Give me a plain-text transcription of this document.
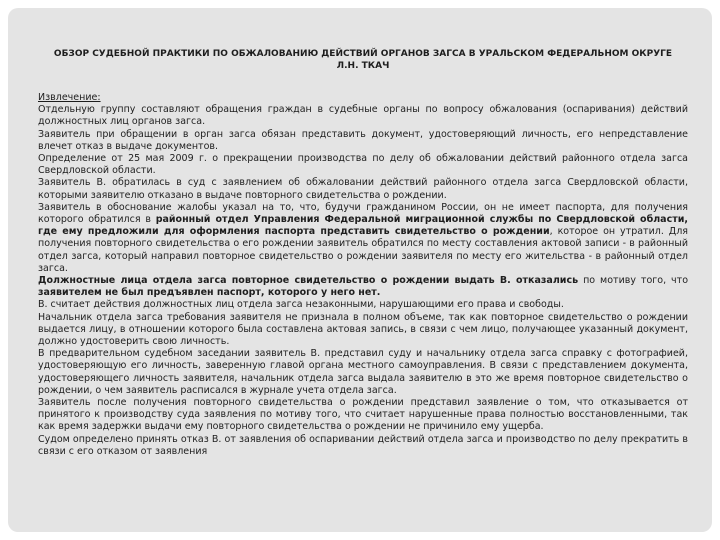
ОБЗОР СУДЕБНОЙ ПРАКТИКИ ПО ОБЖАЛОВАНИЮ ДЕЙСТВИЙ ОРГАНОВ ЗАГСА В УРАЛЬСКОМ ФЕДЕРАЛЬНОМ ОКРУГЕ
Л.Н. ТКАЧ

Извлечение:

Отдельную группу составляют обращения граждан в судебные органы по вопросу обжалования (оспаривания) действий должностных лиц органов загса.

Заявитель при обращении в орган загса обязан представить документ, удостоверяющий личность, его непредставление влечет отказ в выдаче документов.

Определение от 25 мая 2009 г. о прекращении производства по делу об обжаловании действий районного отдела загса Свердловской области.

Заявитель В. обратилась в суд с заявлением об обжаловании действий районного отдела загса Свердловской области, которыми заявителю отказано в выдаче повторного свидетельства о рождении.

Заявитель в обоснование жалобы указал на то, что, будучи гражданином России, он не имеет паспорта, для получения которого обратился в районный отдел Управления Федеральной миграционной службы по Свердловской области, где ему предложили для оформления паспорта представить свидетельство о рождении, которое он утратил. Для получения повторного свидетельства о его рождении заявитель обратился по месту составления актовой записи - в районный отдел загса, который направил повторное свидетельство о рождении заявителя по месту его жительства - в районный отдел загса.

Должностные лица отдела загса повторное свидетельство о рождении выдать В. отказались по мотиву того, что заявителем не был предъявлен паспорт, которого у него нет.

В. считает действия должностных лиц отдела загса незаконными, нарушающими его права и свободы.

Начальник отдела загса требования заявителя не признала в полном объеме, так как повторное свидетельство о рождении выдается лицу, в отношении которого была составлена актовая запись, в связи с чем лицо, получающее указанный документ, должно удостоверить свою личность.

В предварительном судебном заседании заявитель В. представил суду и начальнику отдела загса справку с фотографией, удостоверяющую его личность, заверенную главой органа местного самоуправления. В связи с представлением документа, удостоверяющего личность заявителя, начальник отдела загса выдала заявителю в это же время повторное свидетельство о рождении, о чем заявитель расписался в журнале учета отдела загса.

Заявитель после получения повторного свидетельства о рождении представил заявление о том, что отказывается от принятого к производству суда заявления по мотиву того, что считает нарушенные права полностью восстановленными, так как время задержки выдачи ему повторного свидетельства о рождении не причинило ему ущерба.

Судом определено принять отказ В. от заявления об оспаривании действий отдела загса и производство по делу прекратить в связи с его отказом от заявления
